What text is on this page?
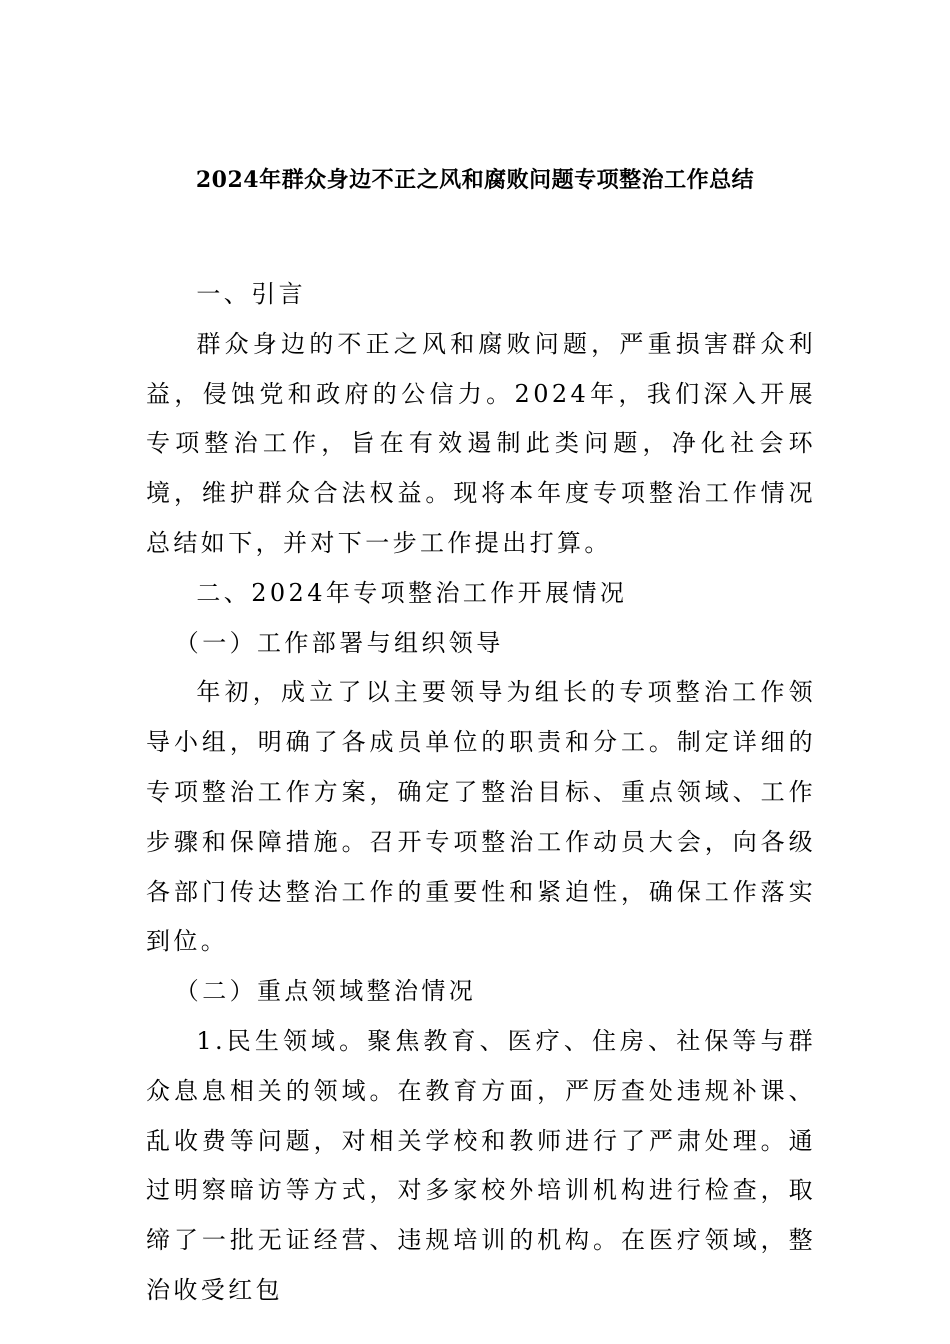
2024年群众身边不正之风和腐败问题专项整治工作总结

一、引言

群众身边的不正之风和腐败问题，严重损害群众利益，侵蚀党和政府的公信力。2024年，我们深入开展专项整治工作，旨在有效遏制此类问题，净化社会环境，维护群众合法权益。现将本年度专项整治工作情况总结如下，并对下一步工作提出打算。

二、2024年专项整治工作开展情况

（一）工作部署与组织领导

年初，成立了以主要领导为组长的专项整治工作领导小组，明确了各成员单位的职责和分工。制定详细的专项整治工作方案，确定了整治目标、重点领域、工作步骤和保障措施。召开专项整治工作动员大会，向各级各部门传达整治工作的重要性和紧迫性，确保工作落实到位。

（二）重点领域整治情况

1.民生领域。聚焦教育、医疗、住房、社保等与群众息息相关的领域。在教育方面，严厉查处违规补课、乱收费等问题，对相关学校和教师进行了严肃处理。通过明察暗访等方式，对多家校外培训机构进行检查，取缔了一批无证经营、违规培训的机构。在医疗领域，整治收受红包
